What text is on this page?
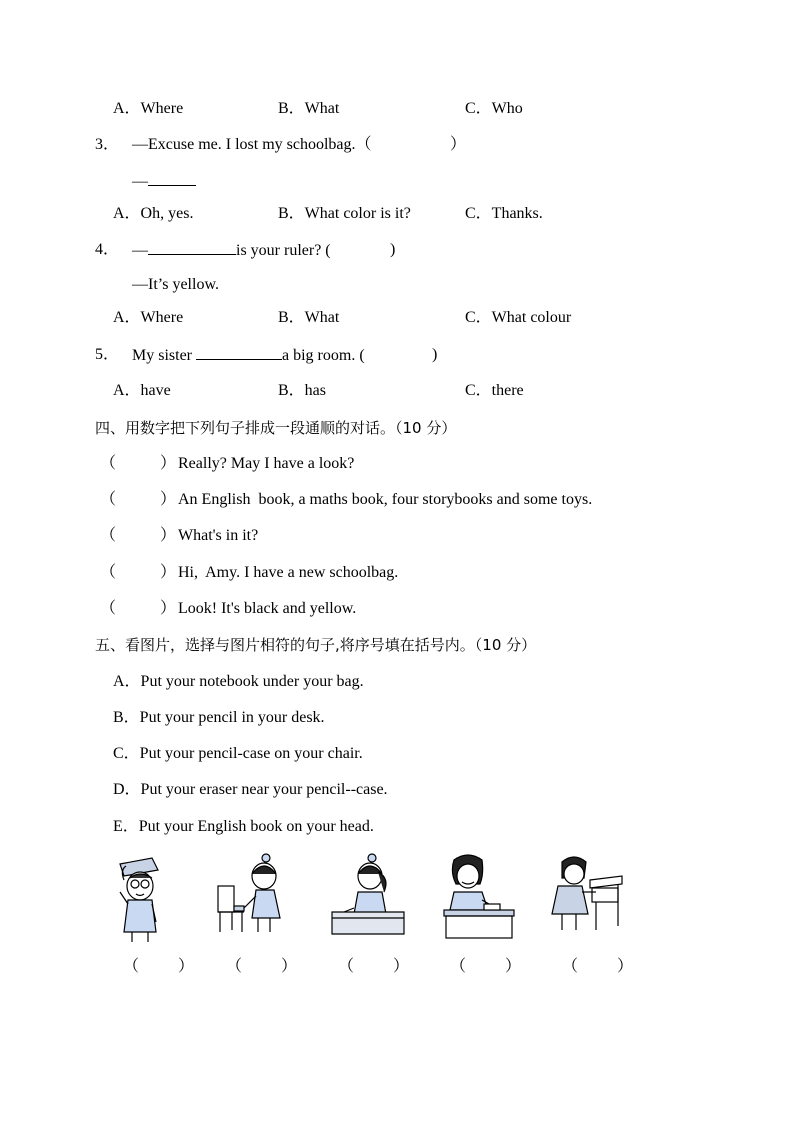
A．Where	B．What	C．Who
3． —Excuse me. I lost my schoolbag.（	）
—
A．Oh, yes.	B．What color is it?	C．Thanks.
4． —	is your ruler? (	)
—It’s yellow.
A．Where	B．What	C．What colour
5． My sister	a big room. (	)
A．have	B．has	C．there
四、用数字把下列句子排成一段通顺的对话。（10 分）
（	） Really? May I have a look?
（	） An English  book, a maths book, four storybooks and some toys.
（	） What's in it?
（	） Hi,  Amy. I have a new schoolbag.
（	） Look! It's black and yellow.
五、看图片，选择与图片相符的句子,将序号填在括号内。（10 分）
A．Put your notebook under your bag.
B．Put your pencil in your desk.
C．Put your pencil-case on your chair.
D．Put your eraser near your pencil--case.
E．Put your English book on your head.
（ ） （ ）	（ ）	（ ）	（ ）
